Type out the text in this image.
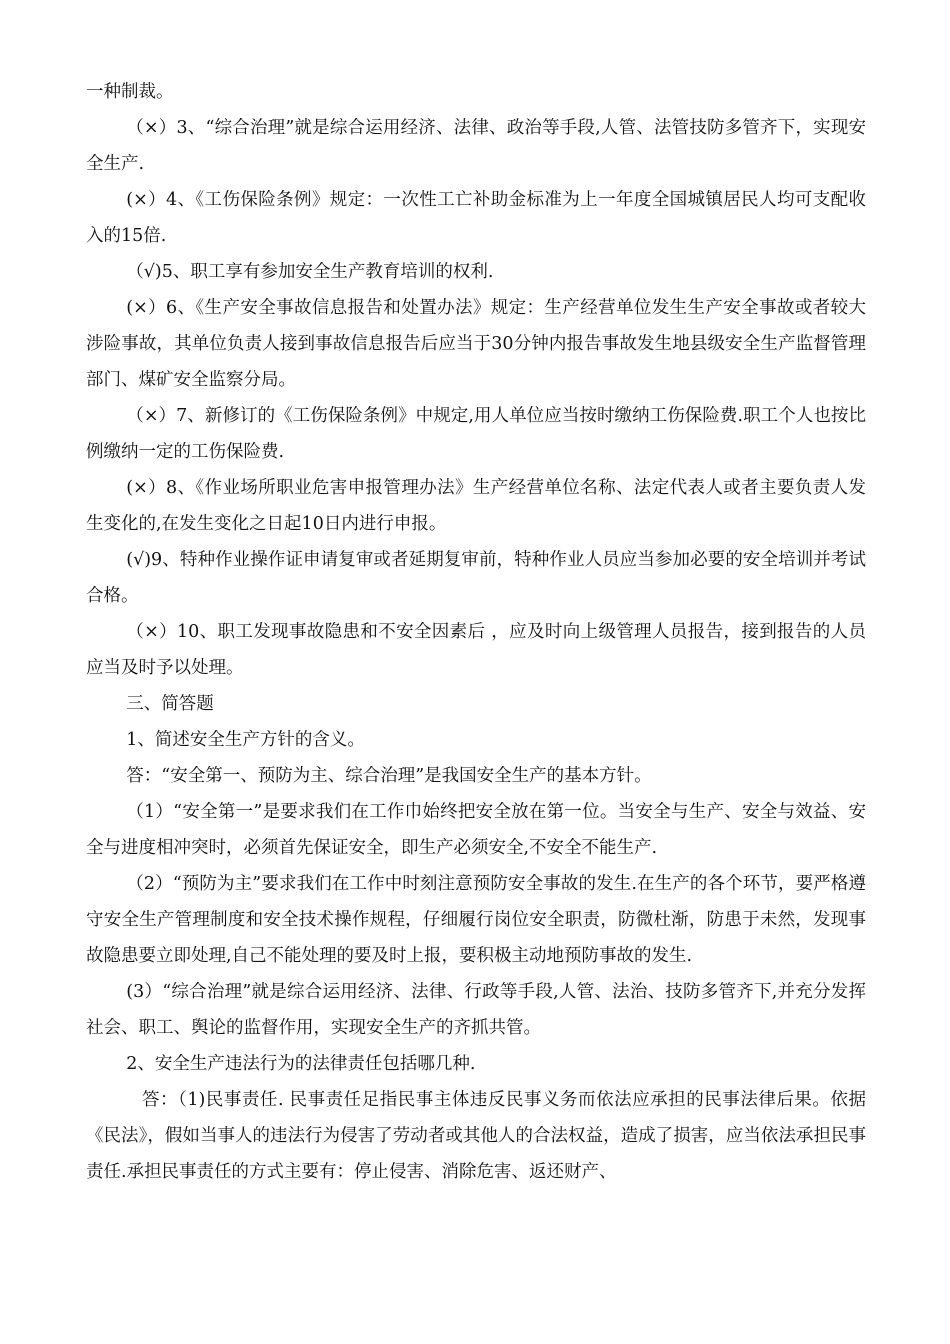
一种制裁。

（×）3、“综合治理”就是综合运用经济、法律、政治等手段,人管、法管技防多管齐下，实现安全生产.

(×）4、《工伤保险条例》规定：一次性工亡补助金标准为上一年度全国城镇居民人均可支配收入的15倍.

（√)5、职工享有参加安全生产教育培训的权利.

(×）6、《生产安全事故信息报告和处置办法》规定：生产经营单位发生生产安全事故或者较大涉险事故，其单位负责人接到事故信息报告后应当于30分钟内报告事故发生地县级安全生产监督管理部门、煤矿安全监察分局。

（×）7、新修订的《工伤保险条例》中规定,用人单位应当按时缴纳工伤保险费.职工个人也按比例缴纳一定的工伤保险费.

(×）8、《作业场所职业危害申报管理办法》生产经营单位名称、法定代表人或者主要负责人发生变化的,在发生变化之日起10日内进行申报。

(√)9、特种作业操作证申请复审或者延期复审前，特种作业人员应当参加必要的安全培训并考试合格。

（×）10、职工发现事故隐患和不安全因素后 ，应及时向上级管理人员报告，接到报告的人员应当及时予以处理。

三、简答题

1、简述安全生产方针的含义。

答：“安全第一、预防为主、综合治理”是我国安全生产的基本方针。

（1）“安全第一”是要求我们在工作巾始终把安全放在第一位。当安全与生产、安全与效益、安全与进度相冲突时，必须首先保证安全，即生产必须安全,不安全不能生产.

（2）“预防为主”要求我们在工作中时刻注意预防安全事故的发生.在生产的各个环节，要严格遵守安全生产管理制度和安全技术操作规程，仔细履行岗位安全职责，防微杜渐，防患于未然，发现事故隐患要立即处理,自己不能处理的要及时上报，要积极主动地预防事故的发生.

(3）“综合治理”就是综合运用经济、法律、行政等手段,人管、法治、技防多管齐下,并充分发挥社会、职工、舆论的监督作用，实现安全生产的齐抓共管。

2、安全生产违法行为的法律责任包括哪几种.

答：（1)民事责任. 民事责任足指民事主体违反民事义务而依法应承担的民事法律后果。依据《民法》，假如当事人的违法行为侵害了劳动者或其他人的合法权益，造成了损害，应当依法承担民事责任.承担民事责任的方式主要有：停止侵害、消除危害、返还财产、
